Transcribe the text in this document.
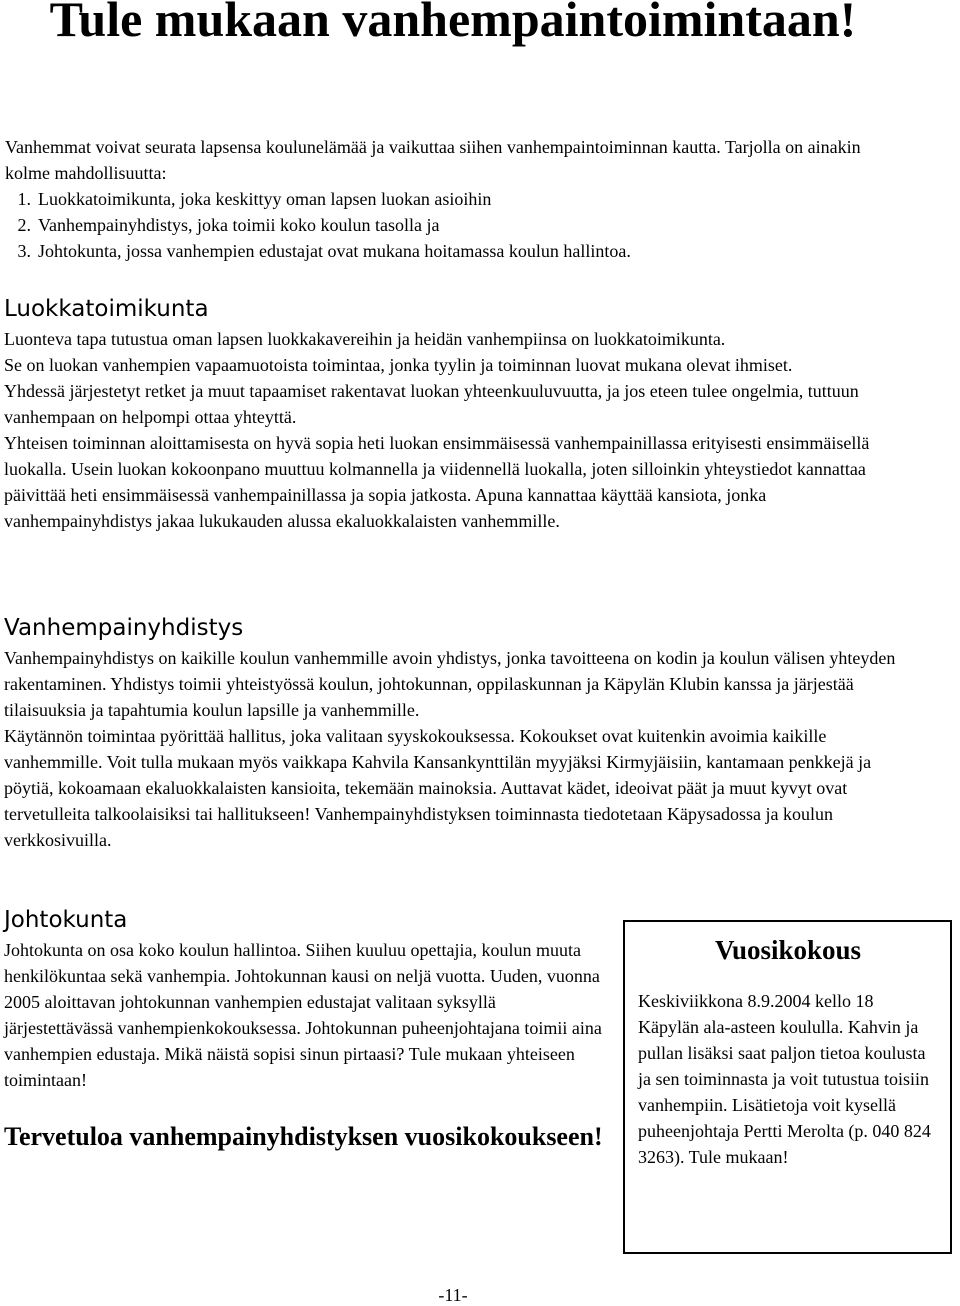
Tule mukaan vanhempaintoimintaan!

Vanhemmat voivat seurata lapsensa koulunelämää ja vaikuttaa siihen vanhempaintoiminnan kautta. Tarjolla on ainakin kolme mahdollisuutta:

1. Luokkatoimikunta, joka keskittyy oman lapsen luokan asioihin
2. Vanhempainyhdistys, joka toimii koko koulun tasolla ja
3. Johtokunta, jossa vanhempien edustajat ovat mukana hoitamassa koulun hallintoa.
Luokkatoimikunta

Luonteva tapa tutustua oman lapsen luokkakavereihin ja heidän vanhempiinsa on luokkatoimikunta.

Se on luokan vanhempien vapaamuotoista toimintaa, jonka tyylin ja toiminnan luovat mukana olevat ihmiset.

Yhdessä järjestetyt retket ja muut tapaamiset rakentavat luokan yhteenkuuluvuutta, ja jos eteen tulee ongelmia, tuttuun vanhempaan on helpompi ottaa yhteyttä.

Yhteisen toiminnan aloittamisesta on hyvä sopia heti luokan ensimmäisessä vanhempainillassa erityisesti ensimmäisellä luokalla. Usein luokan kokoonpano muuttuu kolmannella ja viidennellä luokalla, joten silloinkin yhteystiedot kannattaa päivittää heti ensimmäisessä vanhempainillassa ja sopia jatkosta. Apuna kannattaa käyttää kansiota, jonka vanhempainyhdistys jakaa lukukauden alussa ekaluokkalaisten vanhemmille.

Vanhempainyhdistys

Vanhempainyhdistys on kaikille koulun vanhemmille avoin yhdistys, jonka tavoitteena on kodin ja koulun välisen yhteyden rakentaminen. Yhdistys toimii yhteistyössä koulun, johtokunnan, oppilaskunnan ja Käpylän Klubin kanssa ja järjestää tilaisuuksia ja tapahtumia koulun lapsille ja vanhemmille.

Käytännön toimintaa pyörittää hallitus, joka valitaan syyskokouksessa. Kokoukset ovat kuitenkin avoimia kaikille vanhemmille. Voit tulla mukaan myös vaikkapa Kahvila Kansankynttilän myyjäksi Kirmyjäisiin, kantamaan penkkejä ja pöytiä, kokoamaan ekaluokkalaisten kansioita, tekemään mainoksia. Auttavat kädet, ideoivat päät ja muut kyvyt ovat tervetulleita talkoolaisiksi tai hallitukseen! Vanhempainyhdistyksen toiminnasta tiedotetaan Käpysadossa ja koulun verkkosivuilla.

Johtokunta

Johtokunta on osa koko koulun hallintoa. Siihen kuuluu opettajia, koulun muuta henkilökuntaa sekä vanhempia. Johtokunnan kausi on neljä vuotta. Uuden, vuonna 2005 aloittavan johtokunnan vanhempien edustajat valitaan syksyllä järjestettävässä vanhempienkokouksessa. Johtokunnan puheenjohtajana toimii aina vanhempien edustaja. Mikä näistä sopisi sinun pirtaasi? Tule mukaan yhteiseen toimintaan!

Tervetuloa vanhempainyhdistyksen vuosikokoukseen!

Vuosikokous
Keskiviikkona 8.9.2004 kello 18 Käpylän ala-asteen koululla. Kahvin ja pullan lisäksi saat paljon tietoa koulusta ja sen toiminnasta ja voit tutustua toisiin vanhempiin. Lisätietoja voit kysellä puheenjohtaja Pertti Merolta (p. 040 824 3263). Tule mukaan!
-11-
